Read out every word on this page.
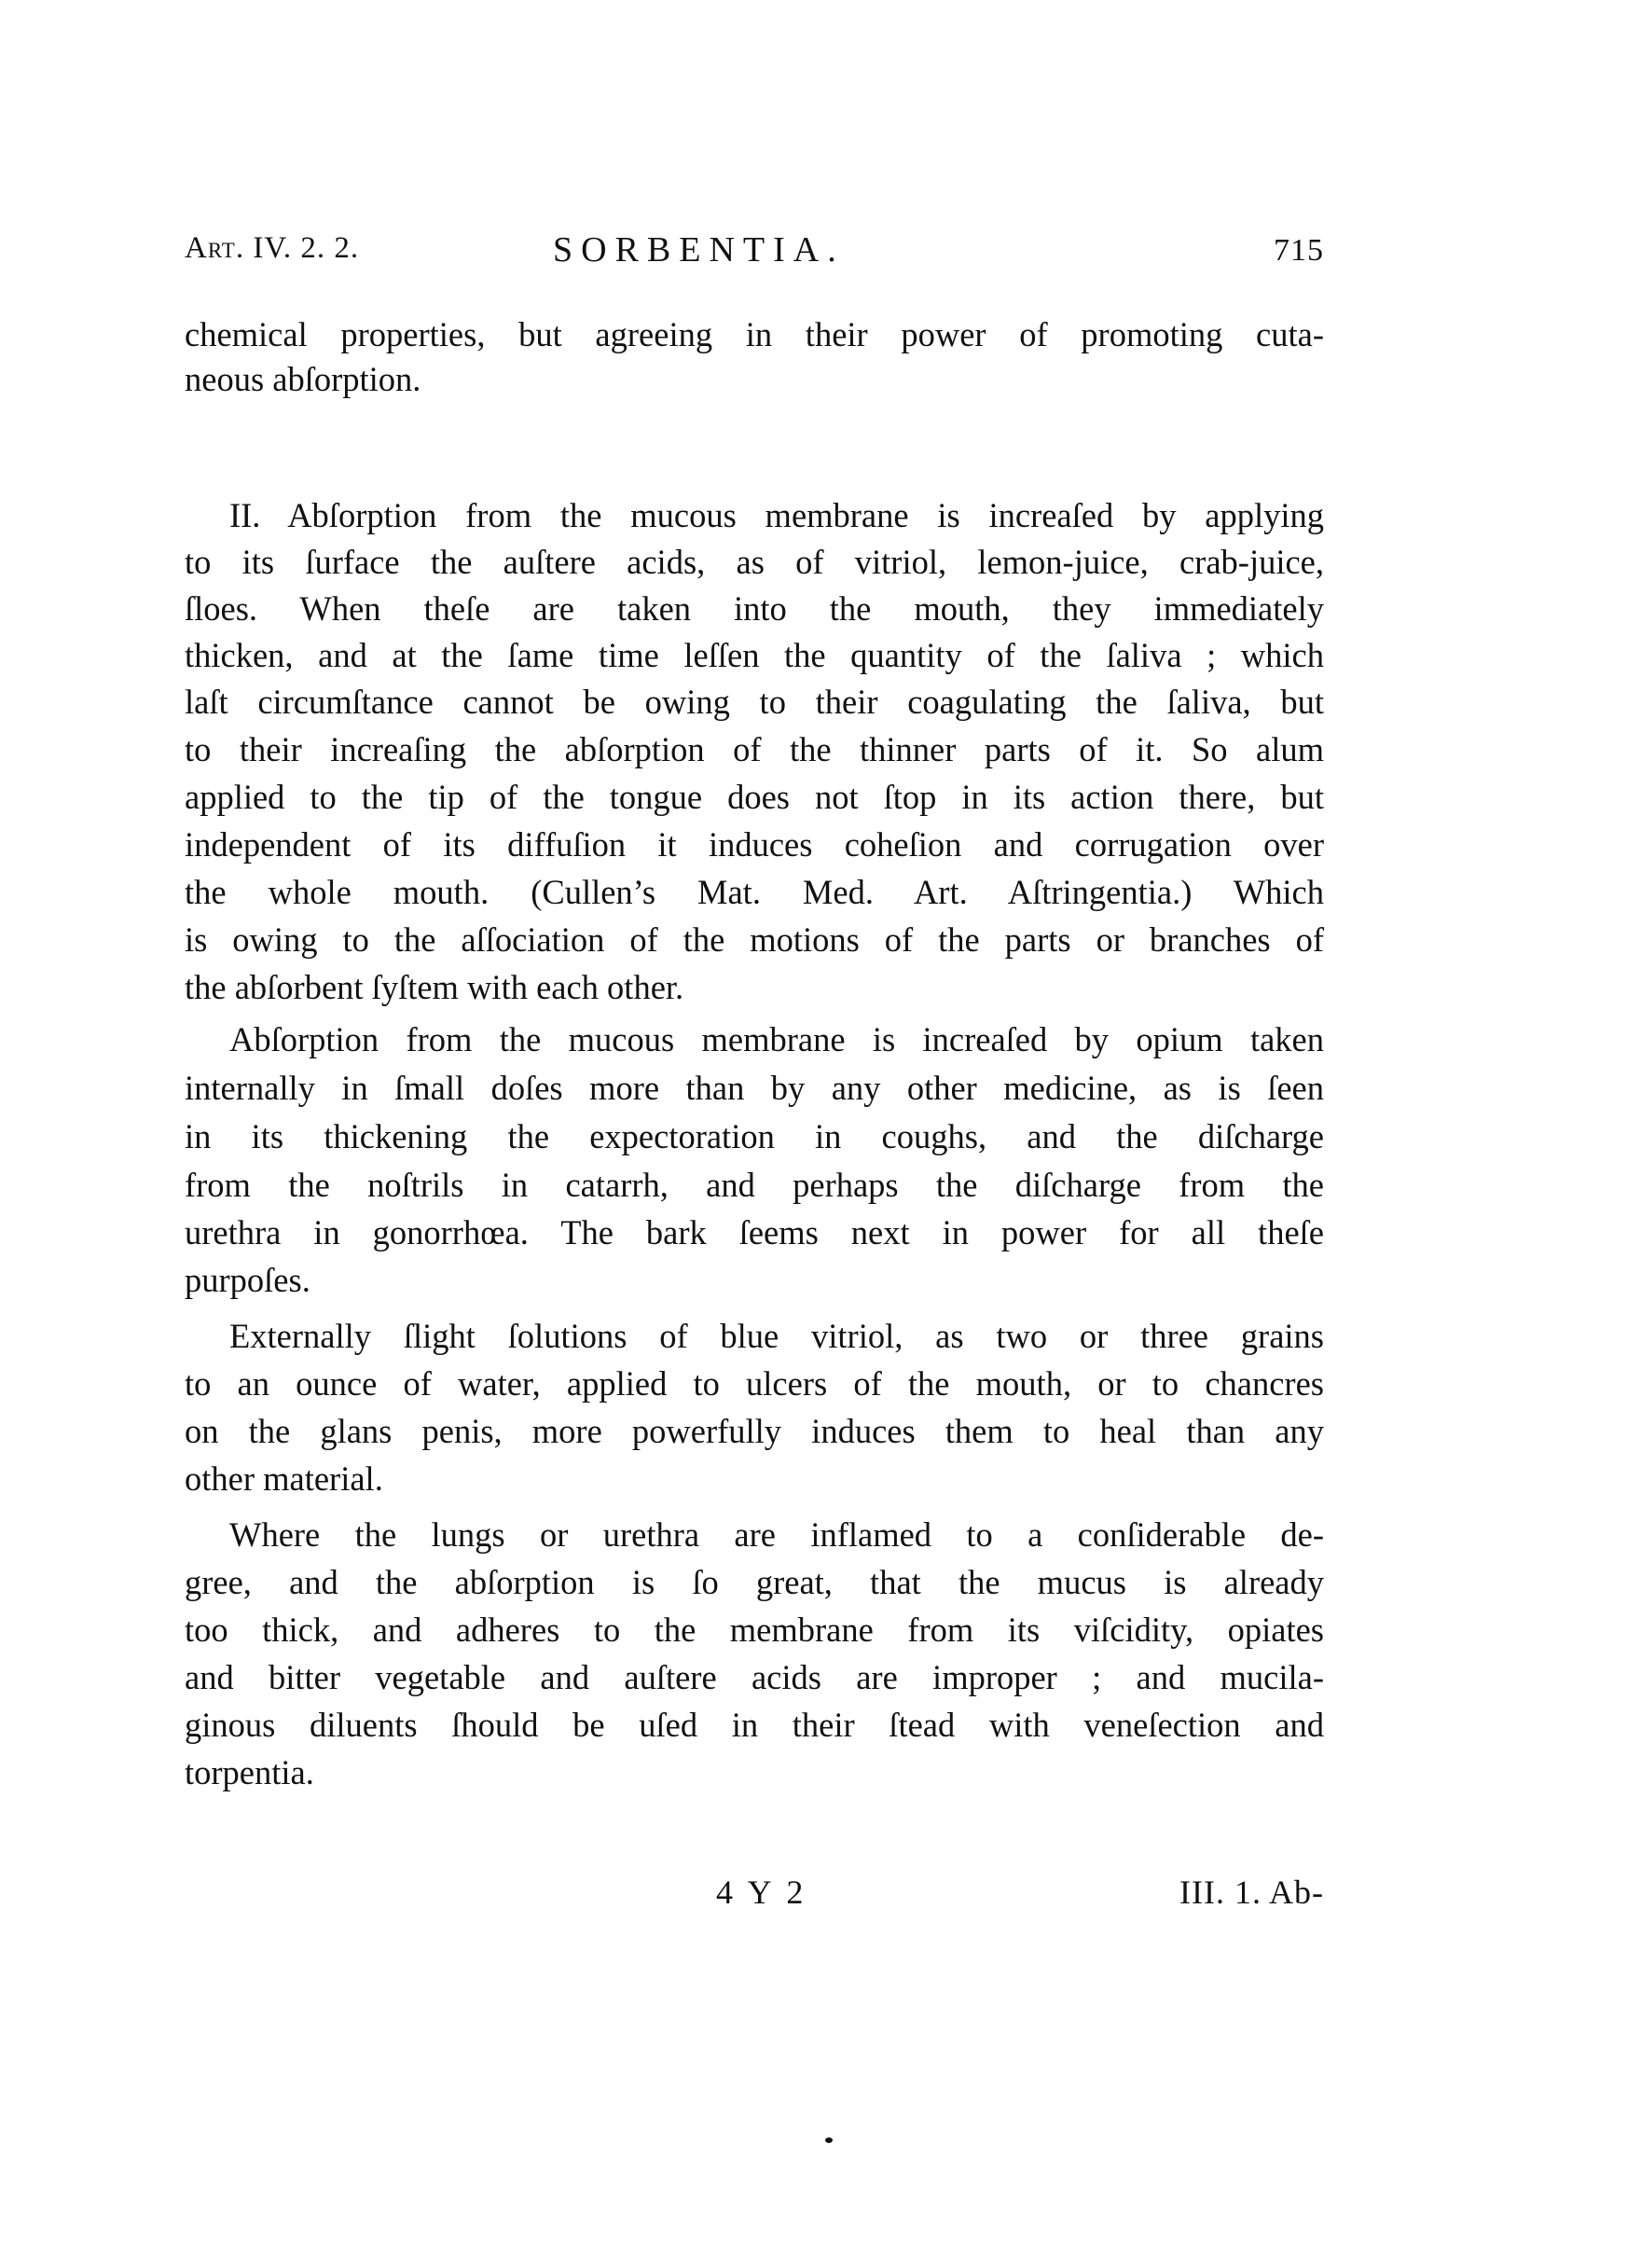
Art. IV. 2. 2.	SORBENTIA.	715
chemical properties, but agreeing in their power of promoting cuta-
neous abſorption.
II. Abſorption from the mucous membrane is increaſed by applying
to its ſurface the auſtere acids, as of vitriol, lemon-juice, crab-juice,
ſloes. When theſe are taken into the mouth, they immediately
thicken, and at the ſame time leſſen the quantity of the ſaliva ; which
laſt circumſtance cannot be owing to their coagulating the ſaliva, but
to their increaſing the abſorption of the thinner parts of it. So alum
applied to the tip of the tongue does not ſtop in its action there, but
independent of its diffuſion it induces coheſion and corrugation over
the whole mouth. (Cullen’s Mat. Med. Art. Aſtringentia.) Which
is owing to the aſſociation of the motions of the parts or branches of
the abſorbent ſyſtem with each other.
Abſorption from the mucous membrane is increaſed by opium taken
internally in ſmall doſes more than by any other medicine, as is ſeen
in its thickening the expectoration in coughs, and the diſcharge
from the noſtrils in catarrh, and perhaps the diſcharge from the
urethra in gonorrhœa. The bark ſeems next in power for all theſe
purpoſes.
Externally ſlight ſolutions of blue vitriol, as two or three grains
to an ounce of water, applied to ulcers of the mouth, or to chancres
on the glans penis, more powerfully induces them to heal than any
other material.
Where the lungs or urethra are inflamed to a conſiderable de-
gree, and the abſorption is ſo great, that the mucus is already
too thick, and adheres to the membrane from its viſcidity, opiates
and bitter vegetable and auſtere acids are improper ; and mucila-
ginous diluents ſhould be uſed in their ſtead with veneſection and
torpentia.
4 Y 2	III. 1. Ab-
